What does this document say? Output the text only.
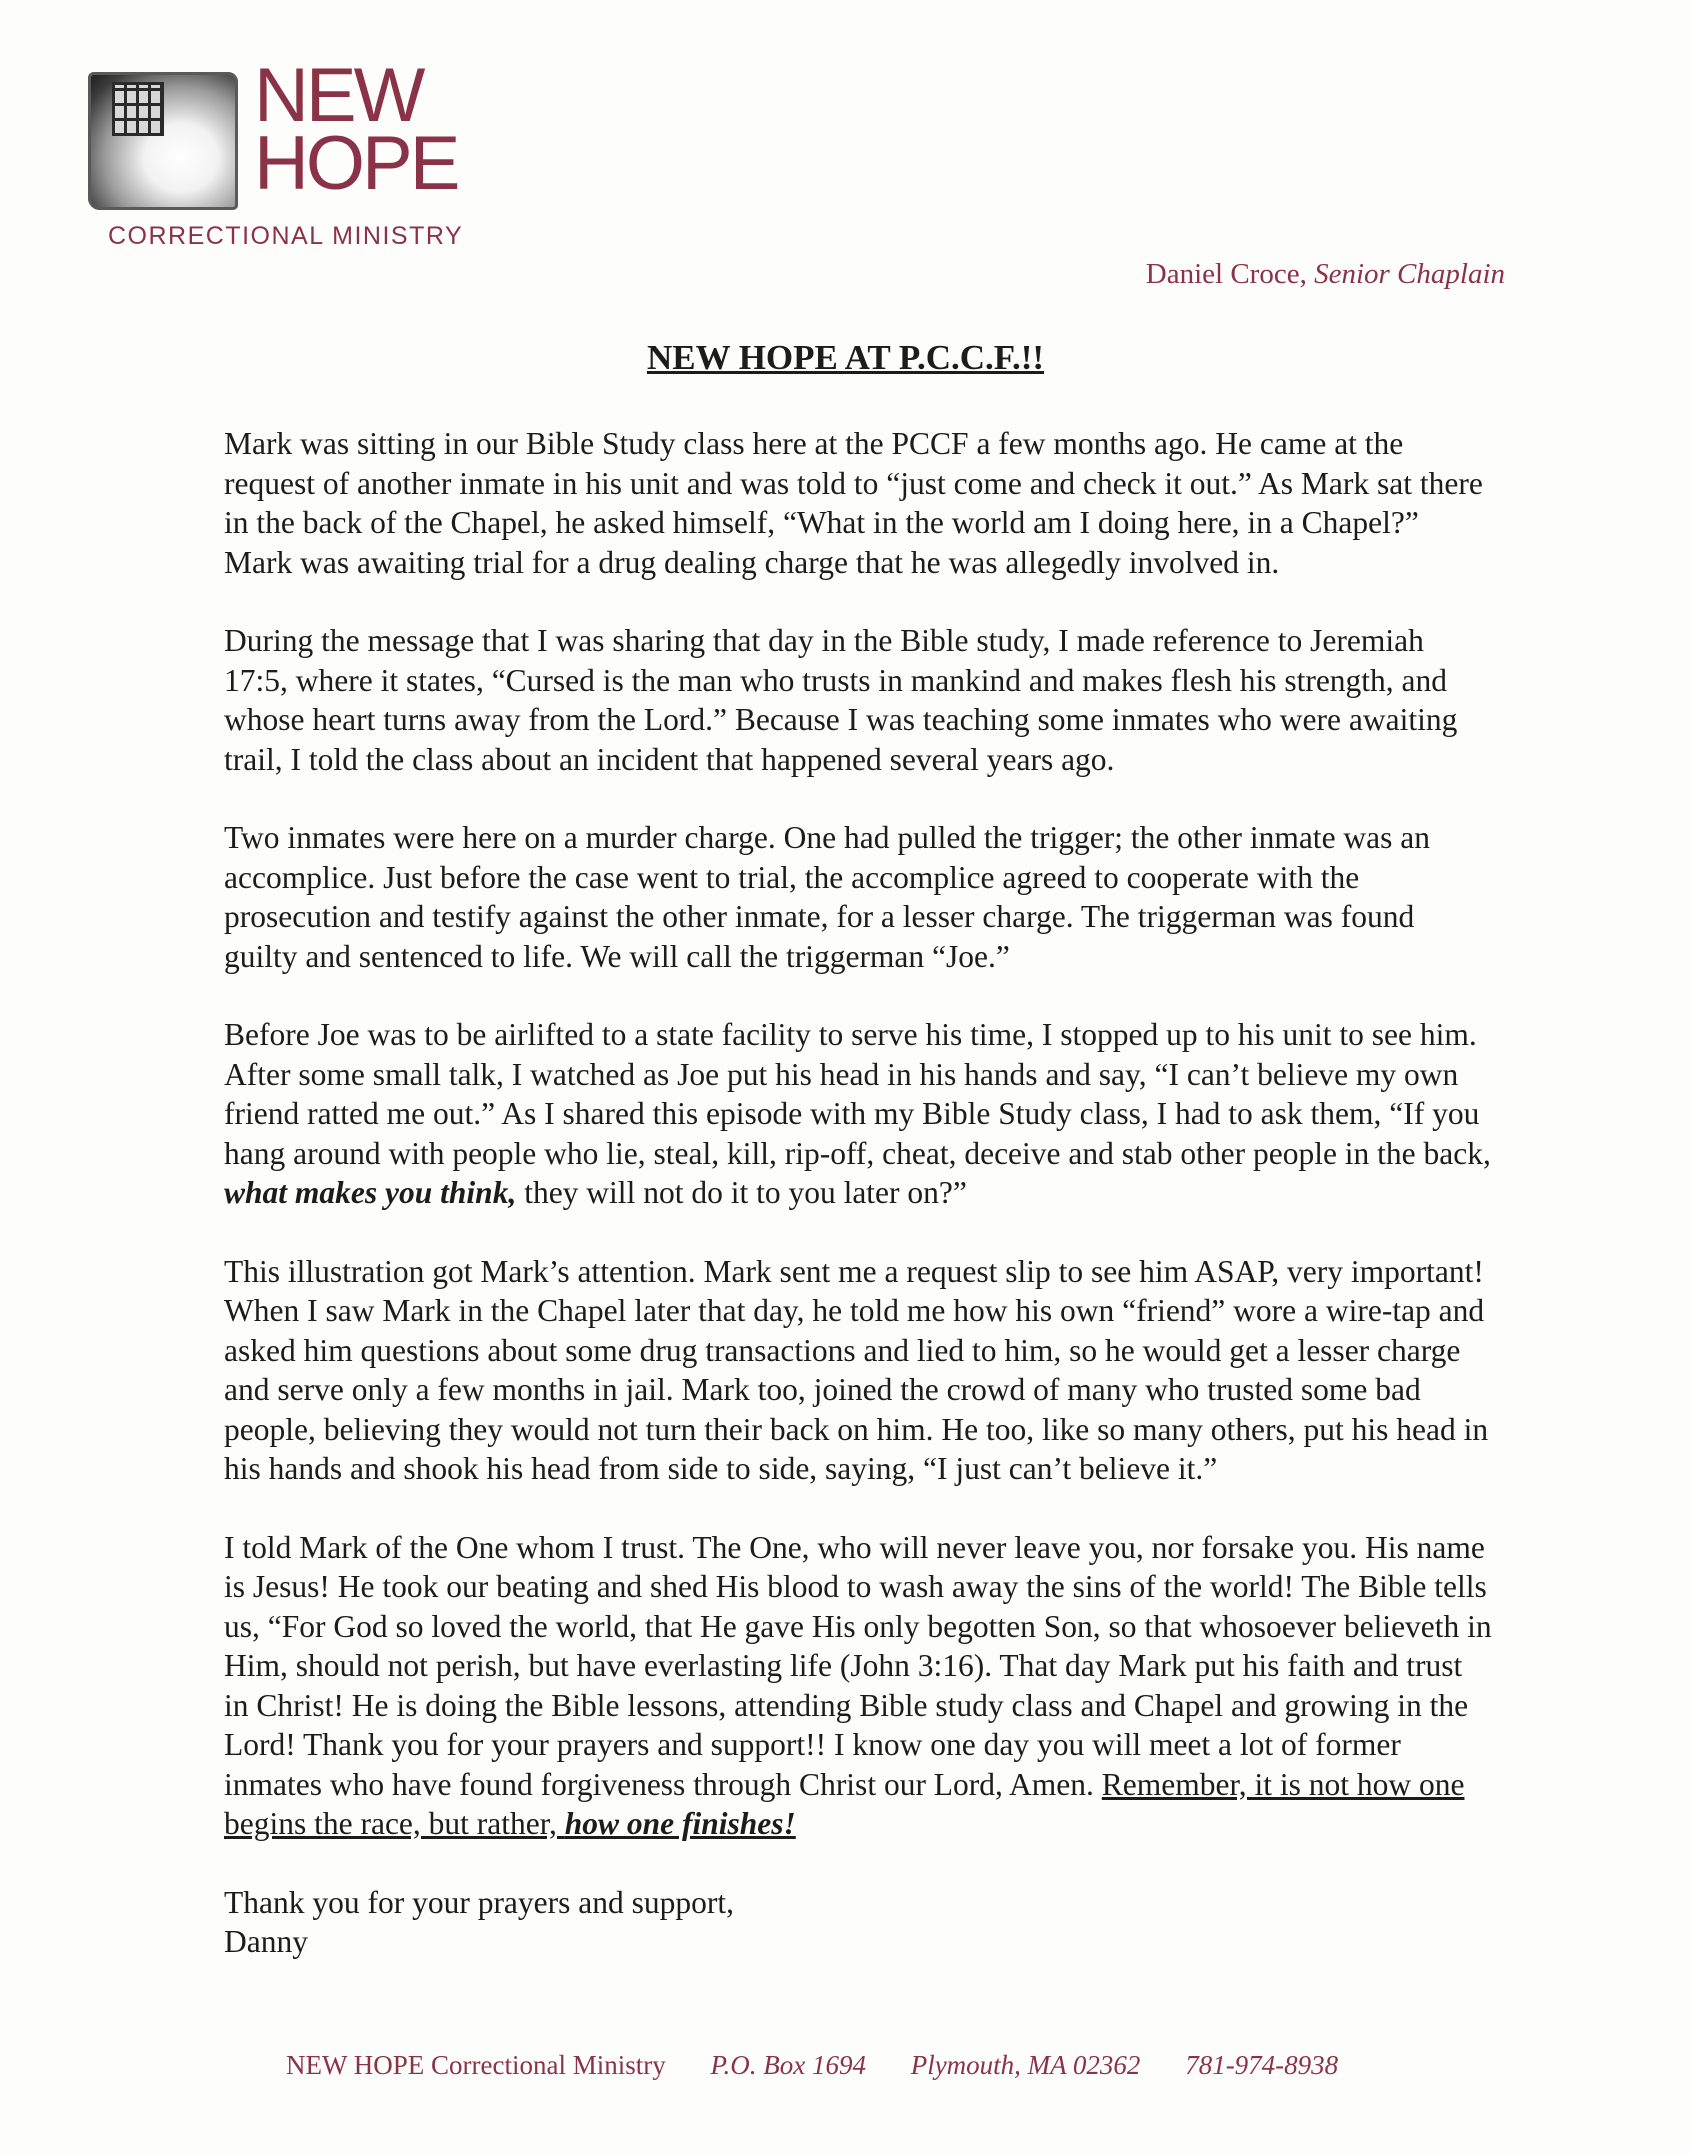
NEW
HOPE
CORRECTIONAL MINISTRY
Daniel Croce, Senior Chaplain
NEW HOPE AT P.C.C.F.!!

Mark was sitting in our Bible Study class here at the PCCF a few months ago. He came at the request of another inmate in his unit and was told to “just come and check it out.” As Mark sat there in the back of the Chapel, he asked himself, “What in the world am I doing here, in a Chapel?” Mark was awaiting trial for a drug dealing charge that he was allegedly involved in.

During the message that I was sharing that day in the Bible study, I made reference to Jeremiah 17:5, where it states, “Cursed is the man who trusts in mankind and makes flesh his strength, and whose heart turns away from the Lord.” Because I was teaching some inmates who were awaiting trail, I told the class about an incident that happened several years ago.

Two inmates were here on a murder charge. One had pulled the trigger; the other inmate was an accomplice. Just before the case went to trial, the accomplice agreed to cooperate with the prosecution and testify against the other inmate, for a lesser charge. The triggerman was found guilty and sentenced to life. We will call the triggerman “Joe.”

Before Joe was to be airlifted to a state facility to serve his time, I stopped up to his unit to see him. After some small talk, I watched as Joe put his head in his hands and say, “I can’t believe my own friend ratted me out.” As I shared this episode with my Bible Study class, I had to ask them, “If you hang around with people who lie, steal, kill, rip-off, cheat, deceive and stab other people in the back, what makes you think, they will not do it to you later on?”

This illustration got Mark’s attention. Mark sent me a request slip to see him ASAP, very important! When I saw Mark in the Chapel later that day, he told me how his own “friend” wore a wire-tap and asked him questions about some drug transactions and lied to him, so he would get a lesser charge and serve only a few months in jail. Mark too, joined the crowd of many who trusted some bad people, believing they would not turn their back on him. He too, like so many others, put his head in his hands and shook his head from side to side, saying, “I just can’t believe it.”

I told Mark of the One whom I trust. The One, who will never leave you, nor forsake you. His name is Jesus! He took our beating and shed His blood to wash away the sins of the world! The Bible tells us, “For God so loved the world, that He gave His only begotten Son, so that whosoever believeth in Him, should not perish, but have everlasting life (John 3:16). That day Mark put his faith and trust in Christ! He is doing the Bible lessons, attending Bible study class and Chapel and growing in the Lord! Thank you for your prayers and support!! I know one day you will meet a lot of former inmates who have found forgiveness through Christ our Lord, Amen. Remember, it is not how one begins the race, but rather, how one finishes!

Thank you for your prayers and support,
Danny

NEW HOPE Correctional Ministry P.O. Box 1694 Plymouth, MA 02362 781-974-8938
